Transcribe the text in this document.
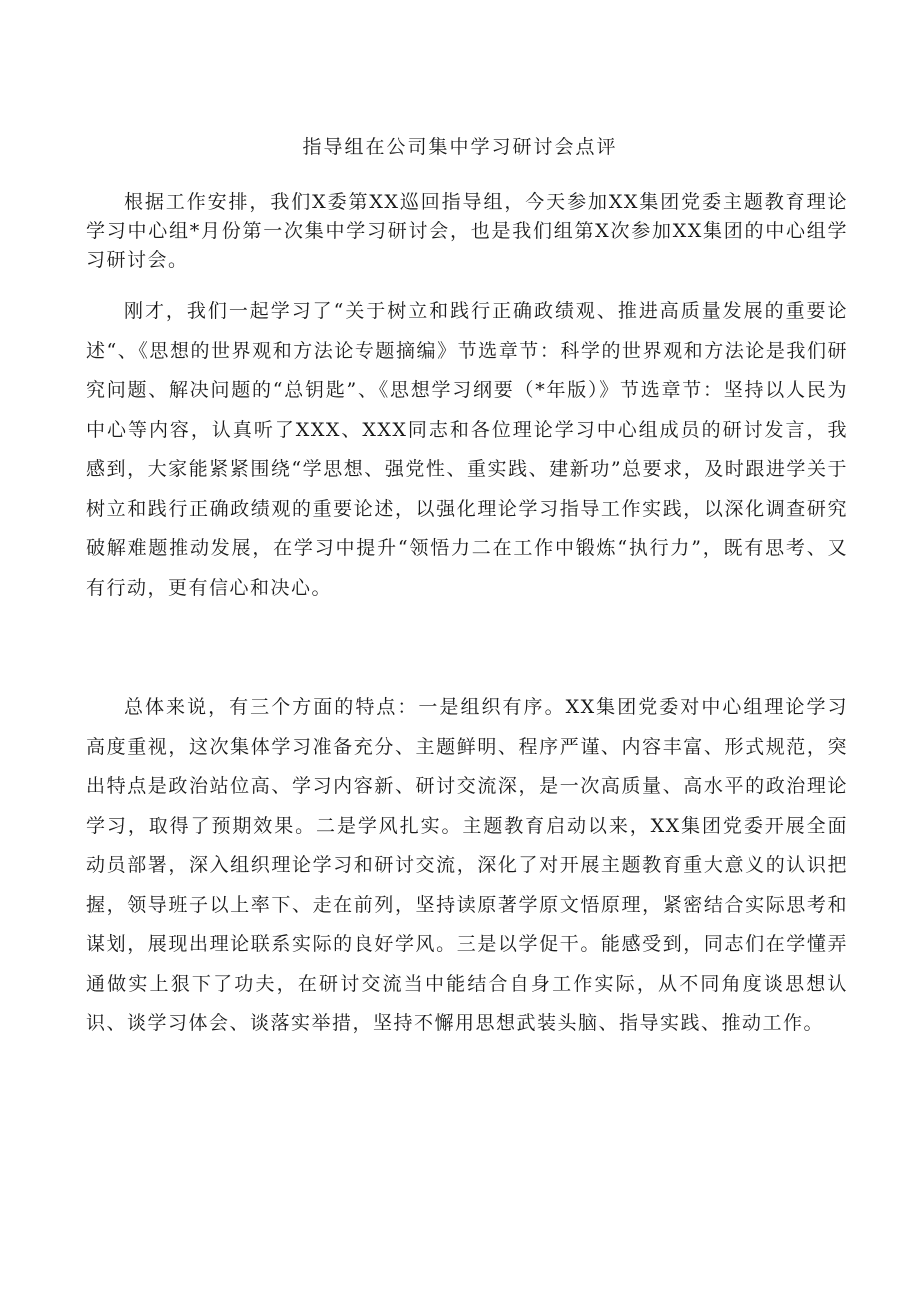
指导组在公司集中学习研讨会点评

根据工作安排，我们X委第XX巡回指导组，今天参加XX集团党委主题教育理论学习中心组*月份第一次集中学习研讨会，也是我们组第X次参加XX集团的中心组学习研讨会。

刚才，我们一起学习了“关于树立和践行正确政绩观、推进高质量发展的重要论述“、《思想的世界观和方法论专题摘编》节选章节：科学的世界观和方法论是我们研究问题、解决问题的“总钥匙”、《思想学习纲要（*年版）》节选章节：坚持以人民为中心等内容，认真听了XXX、XXX同志和各位理论学习中心组成员的研讨发言，我感到，大家能紧紧围绕“学思想、强党性、重实践、建新功”总要求，及时跟进学关于树立和践行正确政绩观的重要论述，以强化理论学习指导工作实践，以深化调查研究破解难题推动发展，在学习中提升“领悟力二在工作中锻炼“执行力”，既有思考、又有行动，更有信心和决心。

总体来说，有三个方面的特点：一是组织有序。XX集团党委对中心组理论学习高度重视，这次集体学习准备充分、主题鲜明、程序严谨、内容丰富、形式规范，突出特点是政治站位高、学习内容新、研讨交流深，是一次高质量、高水平的政治理论学习，取得了预期效果。二是学风扎实。主题教育启动以来，XX集团党委开展全面动员部署，深入组织理论学习和研讨交流，深化了对开展主题教育重大意义的认识把握，领导班子以上率下、走在前列，坚持读原著学原文悟原理，紧密结合实际思考和谋划，展现出理论联系实际的良好学风。三是以学促干。能感受到，同志们在学懂弄通做实上狠下了功夫，在研讨交流当中能结合自身工作实际，从不同角度谈思想认识、谈学习体会、谈落实举措，坚持不懈用思想武装头脑、指导实践、推动工作。
